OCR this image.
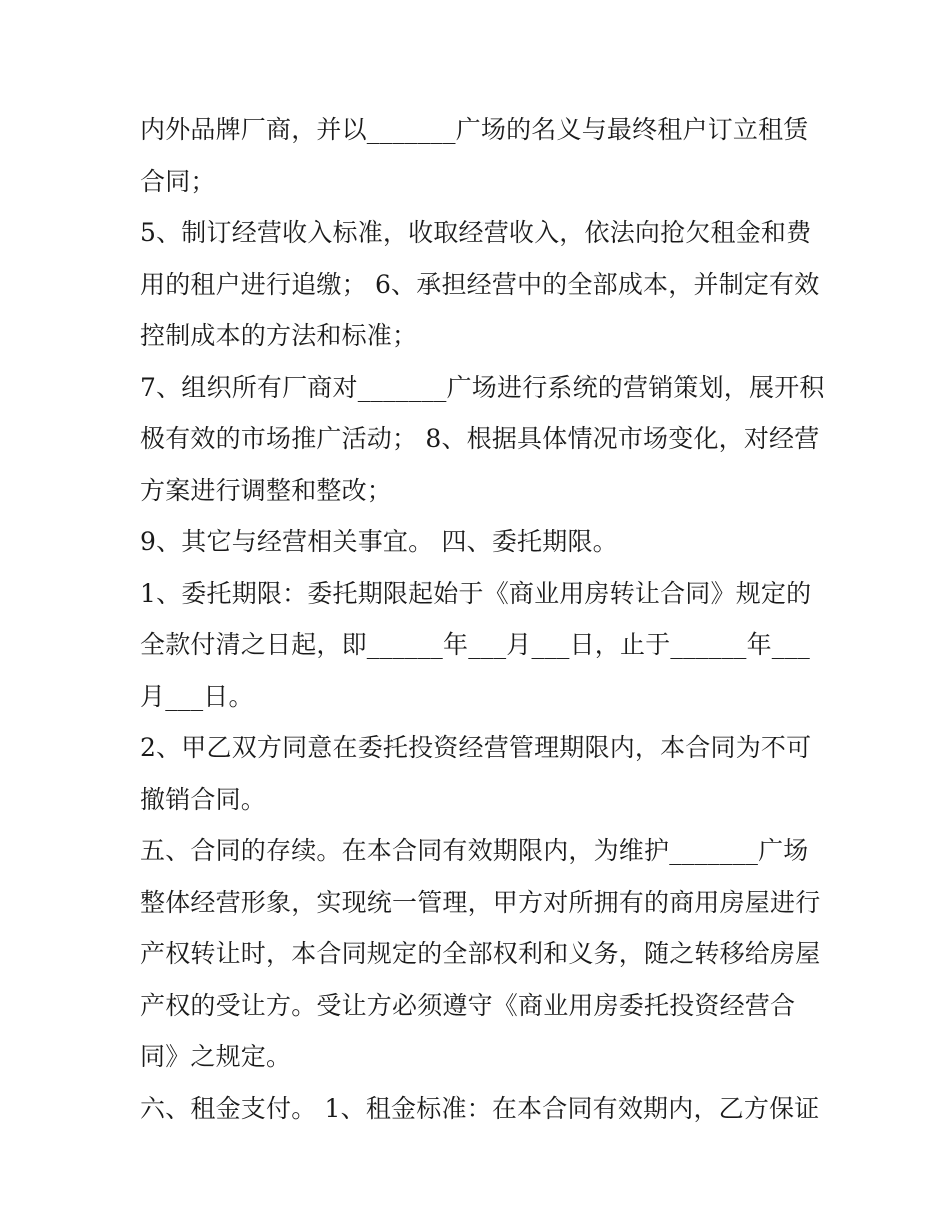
内外品牌厂商，并以_______广场的名义与最终租户订立租赁
合同；
5、制订经营收入标准，收取经营收入，依法向抢欠租金和费
用的租户进行追缴； 6、承担经营中的全部成本，并制定有效
控制成本的方法和标准；
7、组织所有厂商对_______广场进行系统的营销策划，展开积
极有效的市场推广活动； 8、根据具体情况市场变化，对经营
方案进行调整和整改；
9、其它与经营相关事宜。 四、委托期限。
1、委托期限：委托期限起始于《商业用房转让合同》规定的
全款付清之日起，即______年___月___日，止于______年___
月___日。
2、甲乙双方同意在委托投资经营管理期限内，本合同为不可
撤销合同。
五、合同的存续。在本合同有效期限内，为维护_______广场
整体经营形象，实现统一管理，甲方对所拥有的商用房屋进行
产权转让时，本合同规定的全部权利和义务，随之转移给房屋
产权的受让方。受让方必须遵守《商业用房委托投资经营合
同》之规定。
六、租金支付。 1、租金标准：在本合同有效期内，乙方保证
